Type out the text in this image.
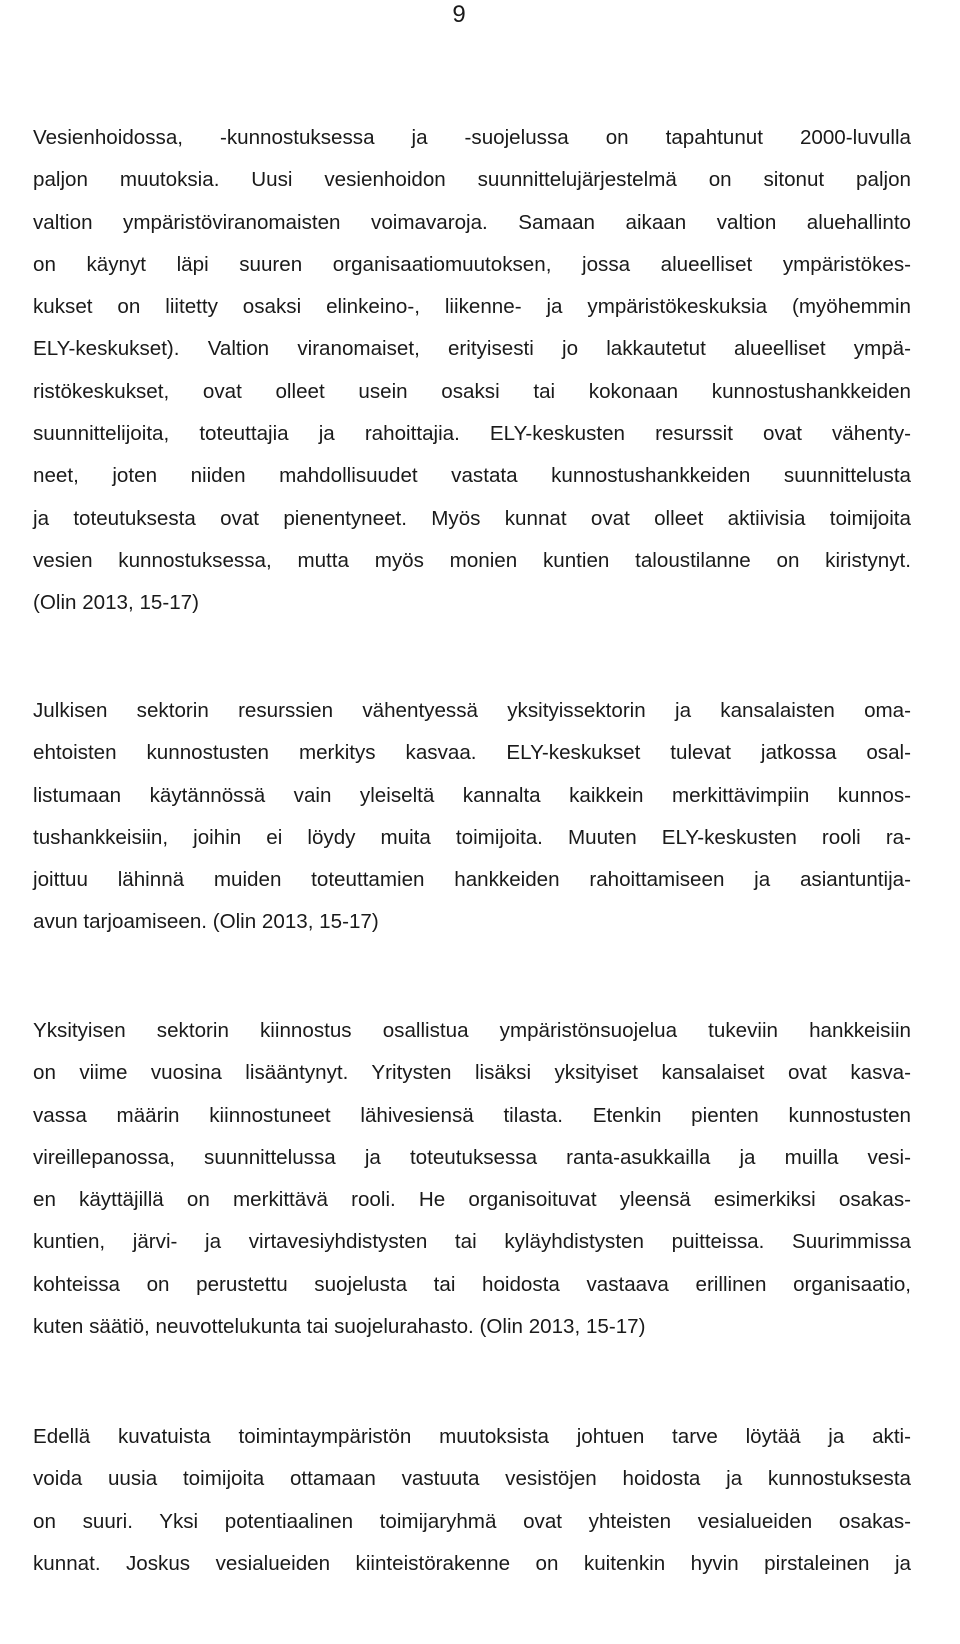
9

Vesienhoidossa, -kunnostuksessa ja -suojelussa on tapahtunut 2000-luvulla
paljon muutoksia. Uusi vesienhoidon suunnittelujärjestelmä on sitonut paljon
valtion ympäristöviranomaisten voimavaroja. Samaan aikaan valtion aluehallinto
on käynyt läpi suuren organisaatiomuutoksen, jossa alueelliset ympäristökes-
kukset on liitetty osaksi elinkeino-, liikenne- ja ympäristökeskuksia (myöhemmin
ELY-keskukset). Valtion viranomaiset, erityisesti jo lakkautetut alueelliset ympä-
ristökeskukset, ovat olleet usein osaksi tai kokonaan kunnostushankkeiden
suunnittelijoita, toteuttajia ja rahoittajia. ELY-keskusten resurssit ovat vähenty-
neet, joten niiden mahdollisuudet vastata kunnostushankkeiden suunnittelusta
ja toteutuksesta ovat pienentyneet. Myös kunnat ovat olleet aktiivisia toimijoita
vesien kunnostuksessa, mutta myös monien kuntien taloustilanne on kiristynyt.
(Olin 2013, 15-17)

Julkisen sektorin resurssien vähentyessä yksityissektorin ja kansalaisten oma-
ehtoisten kunnostusten merkitys kasvaa. ELY-keskukset tulevat jatkossa osal-
listumaan käytännössä vain yleiseltä kannalta kaikkein merkittävimpiin kunnos-
tushankkeisiin, joihin ei löydy muita toimijoita. Muuten ELY-keskusten rooli ra-
joittuu lähinnä muiden toteuttamien hankkeiden rahoittamiseen ja asiantuntija-
avun tarjoamiseen. (Olin 2013, 15-17)

Yksityisen sektorin kiinnostus osallistua ympäristönsuojelua tukeviin hankkeisiin
on viime vuosina lisääntynyt. Yritysten lisäksi yksityiset kansalaiset ovat kasva-
vassa määrin kiinnostuneet lähivesiensä tilasta. Etenkin pienten kunnostusten
vireillepanossa, suunnittelussa ja toteutuksessa ranta-asukkailla ja muilla vesi-
en käyttäjillä on merkittävä rooli. He organisoituvat yleensä esimerkiksi osakas-
kuntien, järvi- ja virtavesiyhdistysten tai kyläyhdistysten puitteissa. Suurimmissa
kohteissa on perustettu suojelusta tai hoidosta vastaava erillinen organisaatio,
kuten säätiö, neuvottelukunta tai suojelurahasto. (Olin 2013, 15-17)

Edellä kuvatuista toimintaympäristön muutoksista johtuen tarve löytää ja akti-
voida uusia toimijoita ottamaan vastuuta vesistöjen hoidosta ja kunnostuksesta
on suuri. Yksi potentiaalinen toimijaryhmä ovat yhteisten vesialueiden osakas-
kunnat. Joskus vesialueiden kiinteistörakenne on kuitenkin hyvin pirstaleinen ja
